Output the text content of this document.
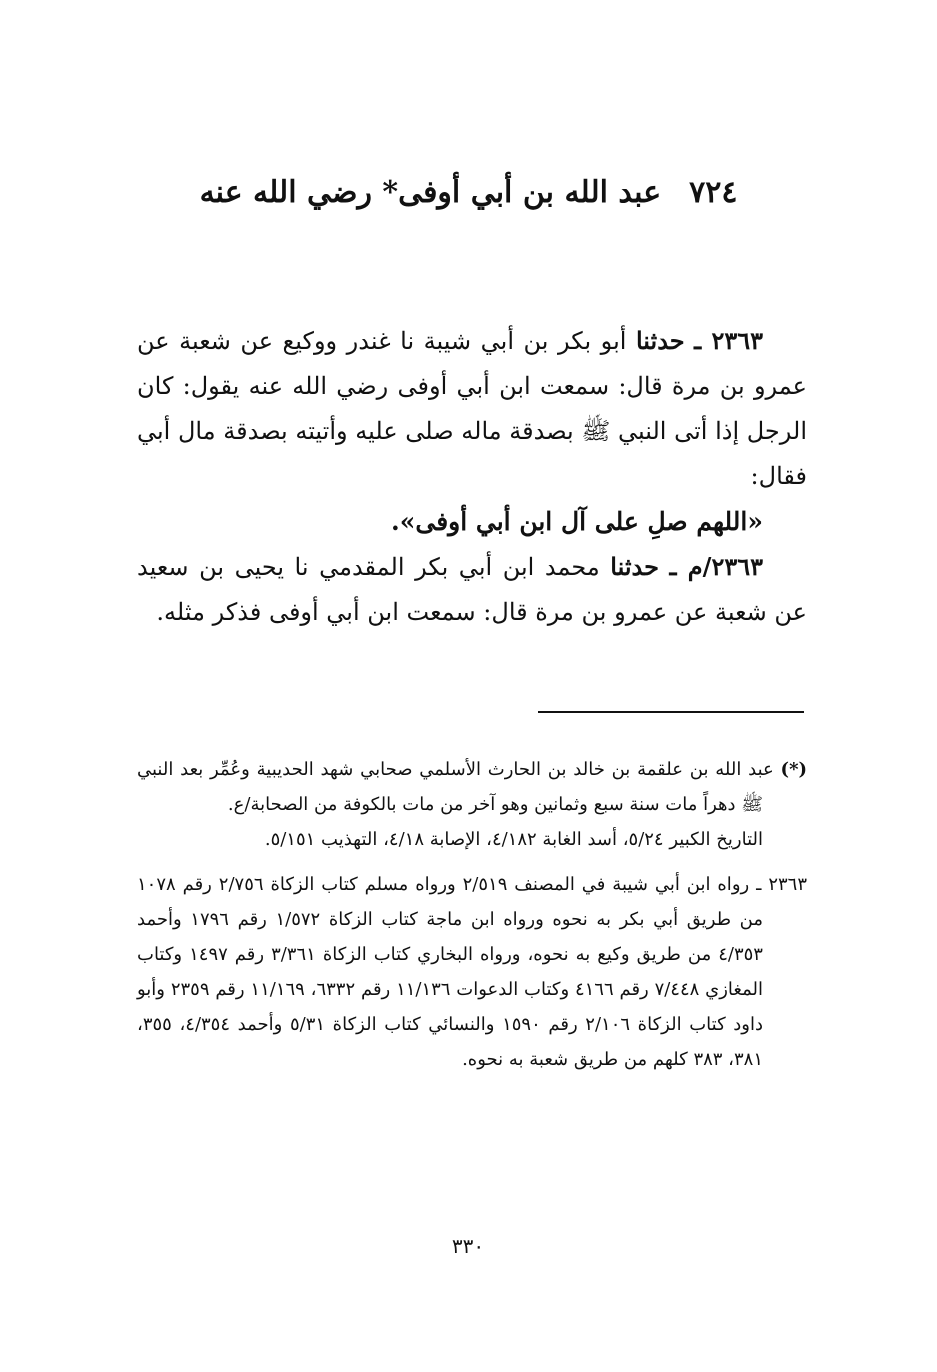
٧٢٤عبد الله بن أبي أوفى* رضي الله عنه

٢٣٦٣ ـ حدثنا أبو بكر بن أبي شيبة نا غندر ووكيع عن شعبة عن عمرو بن مرة قال: سمعت ابن أبي أوفى رضي الله عنه يقول: كان الرجل إذا أتى النبي ﷺ بصدقة ماله صلى عليه وأتيته بصدقة مال أبي فقال:

«اللهم صلِ على آل ابن أبي أوفى».

٢٣٦٣/م ـ حدثنا محمد ابن أبي بكر المقدمي نا يحيى بن سعيد عن شعبة عن عمرو بن مرة قال: سمعت ابن أبي أوفى فذكر مثله.

(*) عبد الله بن علقمة بن خالد بن الحارث الأسلمي صحابي شهد الحديبية وعُمِّر بعد النبي ﷺ دهراً مات سنة سبع وثمانين وهو آخر من مات بالكوفة من الصحابة/ع.

التاريخ الكبير ٥/٢٤، أسد الغابة ٤/١٨٢، الإصابة ٤/١٨، التهذيب ٥/١٥١.

٢٣٦٣ ـ رواه ابن أبي شيبة في المصنف ٢/٥١٩ ورواه مسلم كتاب الزكاة ٢/٧٥٦ رقم ١٠٧٨ من طريق أبي بكر به نحوه ورواه ابن ماجة كتاب الزكاة ١/٥٧٢ رقم ١٧٩٦ وأحمد ٤/٣٥٣ من طريق وكيع به نحوه، ورواه البخاري كتاب الزكاة ٣/٣٦١ رقم ١٤٩٧ وكتاب المغازي ٧/٤٤٨ رقم ٤١٦٦ وكتاب الدعوات ١١/١٣٦ رقم ٦٣٣٢، ١١/١٦٩ رقم ٢٣٥٩ وأبو داود كتاب الزكاة ٢/١٠٦ رقم ١٥٩٠ والنسائي كتاب الزكاة ٥/٣١ وأحمد ٤/٣٥٤، ٣٥٥، ٣٨١، ٣٨٣ كلهم من طريق شعبة به نحوه.

٣٣٠
